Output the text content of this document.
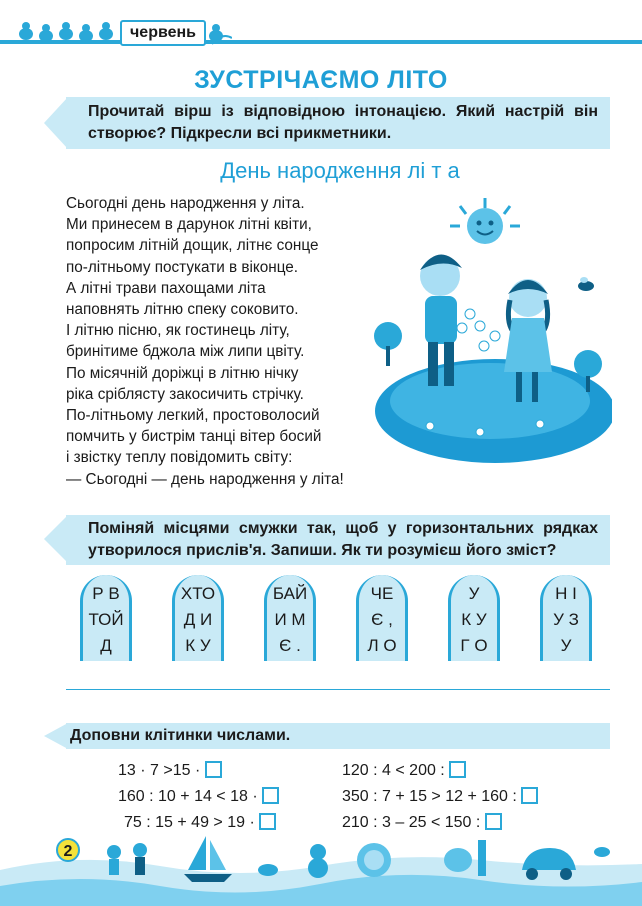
червень
ЗУСТРІЧАЄМО ЛІТО
Прочитай вірш із відповідною інтонацією. Який настрій він створює? Підкресли всі прикметники.
День народження лі т а
Сьогодні день народження у літа.
Ми принесем в дарунок літні квіти,
попросим літній дощик, літнє сонце
по-літньому постукати в віконце.
А літні трави пахощами літа
наповнять літню спеку соковито.
І літню пісню, як гостинець літу,
бринітиме бджола між липи цвіту.
По місячній доріжці в літню нічку
ріка сріблясту закосичить стрічку.
По-літньому легкий, простоволосий
помчить у бистрім танці вітер босий
і звістку теплу повідомить світу:
— Сьогодні — день народження у літа!
Поміняй місцями смужки так, щоб у горизонтальних рядках утворилося прислів'я. Запиши. Як ти розумієш його зміст?
Р В
ТОЙ
Д
ХТО
Д И
К У
БАЙ
И М
Є .
ЧЕ
Є ,
Л О
У
К У
Г О
Н І
У З
У
Доповни клітинки числами.
13 · 7 >15 ·
160 : 10 + 14 < 18 ·
75 : 15 + 49 > 19 ·
120 : 4 < 200 :
350 : 7 + 15 > 12 + 160 :
210 : 3 – 25 < 150 :
2
